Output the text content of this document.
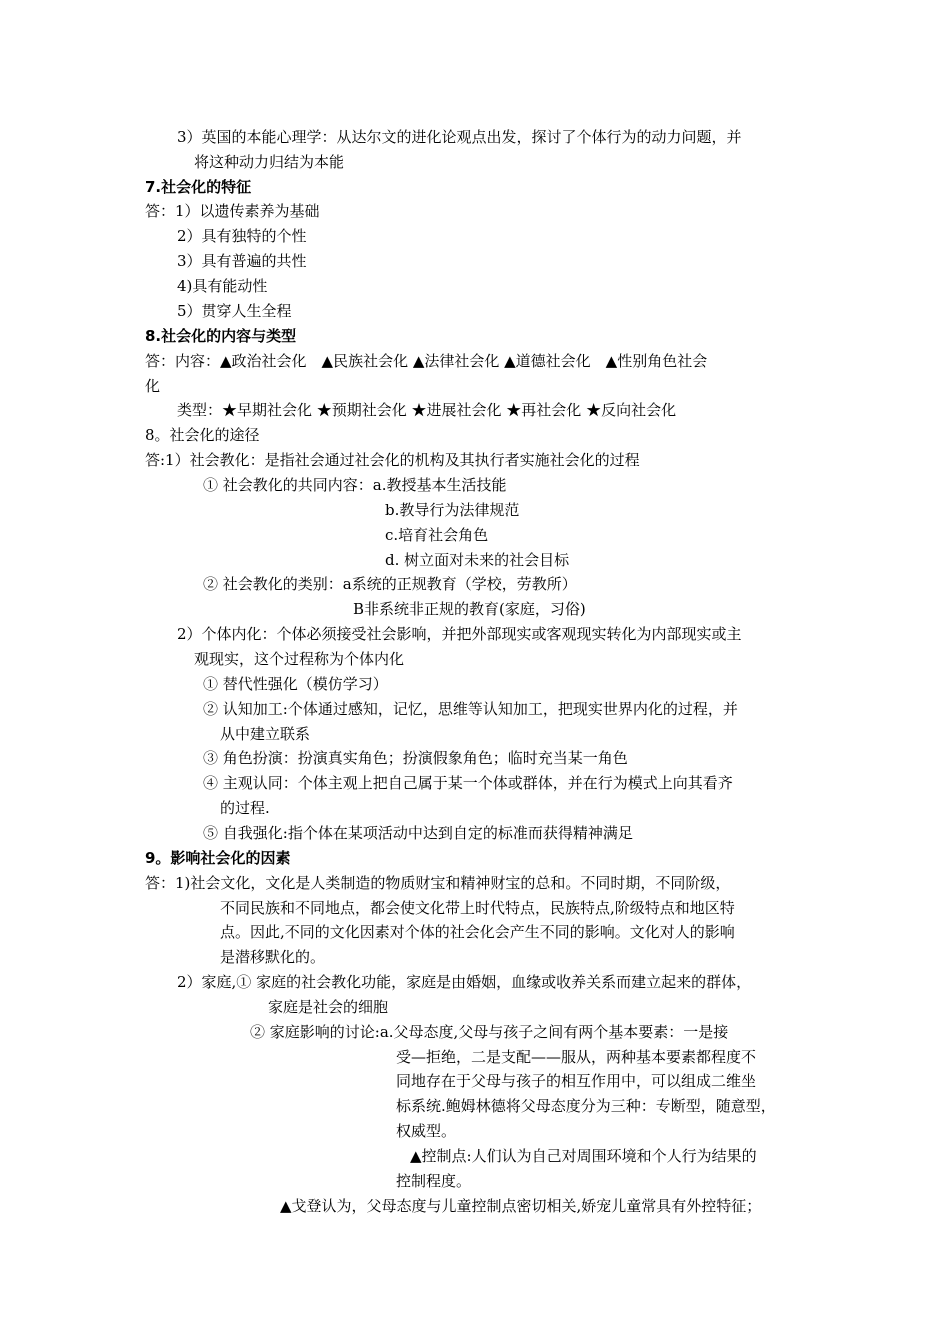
3）英国的本能心理学：从达尔文的进化论观点出发，探讨了个体行为的动力问题，并
将这种动力归结为本能
7.社会化的特征
答：1）以遗传素养为基础
2）具有独特的个性
3）具有普遍的共性
4)具有能动性
5）贯穿人生全程
8.社会化的内容与类型
答：内容：▲政治社会化　▲民族社会化 ▲法律社会化 ▲道德社会化　▲性别角色社会
化
类型：★早期社会化 ★预期社会化 ★进展社会化 ★再社会化 ★反向社会化
8。社会化的途径
答:1）社会教化：是指社会通过社会化的机构及其执行者实施社会化的过程
① 社会教化的共同内容：a.教授基本生活技能
b.教导行为法律规范
c.培育社会角色
d. 树立面对未来的社会目标
② 社会教化的类别：a系统的正规教育（学校，劳教所）
B非系统非正规的教育(家庭，习俗)
2）个体内化：个体必须接受社会影响，并把外部现实或客观现实转化为内部现实或主
观现实，这个过程称为个体内化
① 替代性强化（模仿学习）
② 认知加工:个体通过感知，记忆，思维等认知加工，把现实世界内化的过程，并
从中建立联系
③ 角色扮演：扮演真实角色；扮演假象角色；临时充当某一角色
④ 主观认同：个体主观上把自己属于某一个体或群体，并在行为模式上向其看齐
的过程.
⑤ 自我强化:指个体在某项活动中达到自定的标准而获得精神满足
9。影响社会化的因素
答：1)社会文化，文化是人类制造的物质财宝和精神财宝的总和。不同时期，不同阶级，
不同民族和不同地点，都会使文化带上时代特点，民族特点,阶级特点和地区特
点。因此,不同的文化因素对个体的社会化会产生不同的影响。文化对人的影响
是潜移默化的。
2）家庭,① 家庭的社会教化功能，家庭是由婚姻，血缘或收养关系而建立起来的群体，
家庭是社会的细胞
② 家庭影响的讨论:a.父母态度,父母与孩子之间有两个基本要素：一是接
受—拒绝，二是支配——服从，两种基本要素都程度不
同地存在于父母与孩子的相互作用中，可以组成二维坐
标系统.鲍姆林德将父母态度分为三种：专断型，随意型，
权威型。
▲控制点:人们认为自己对周围环境和个人行为结果的
控制程度。
▲戈登认为，父母态度与儿童控制点密切相关,娇宠儿童常具有外控特征；
